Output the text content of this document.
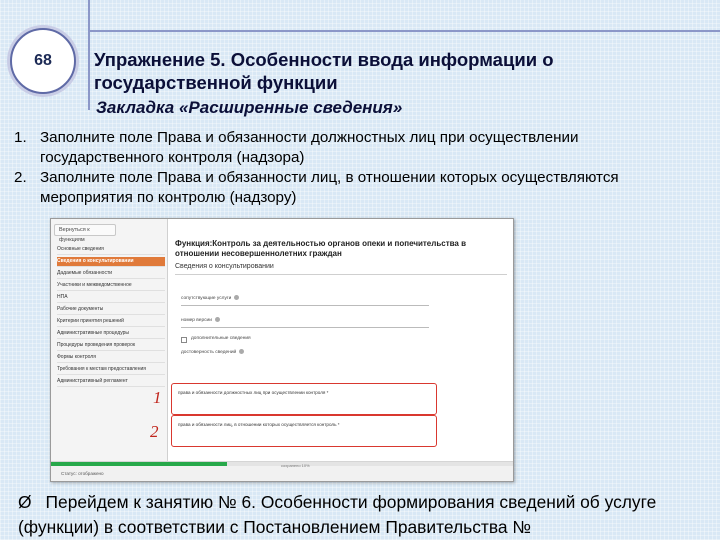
68	Упражнение 5. Особенности ввода информации о государственной функции
Закладка «Расширенные сведения»
1. Заполните поле Права и обязанности должностных лиц при осуществлении государственного контроля (надзора)
2. Заполните поле Права и обязанности лиц, в отношении которых осуществляются мероприятия по контролю (надзору)
Вернуться к функциям
Основные сведения
Сведения о консультировании
Дадаемые обязанности
Участники и межведомственное
НПА
Рабочие документы
Критерии принятия решений
Административные процедуры
Процедуры проведения проверок
Формы контроля
Требования к местам предоставления
Административный регламент
Функция:Контроль за деятельностью органов опеки и попечительства в отношении несовершеннолетних граждан
Сведения о консультировании
сопутствующие услуги
номер версии
дополнительные сведения
достоверность сведений
права и обязанности должностных лиц при осуществлении контроля *
права и обязанности лиц, в отношении которых осуществляется контроль *
сохранено 10%
Статус: отображено
1
2
Ø Перейдем к занятию № 6. Особенности формирования сведений об услуге (функции) в соответствии с Постановлением Правительства №
